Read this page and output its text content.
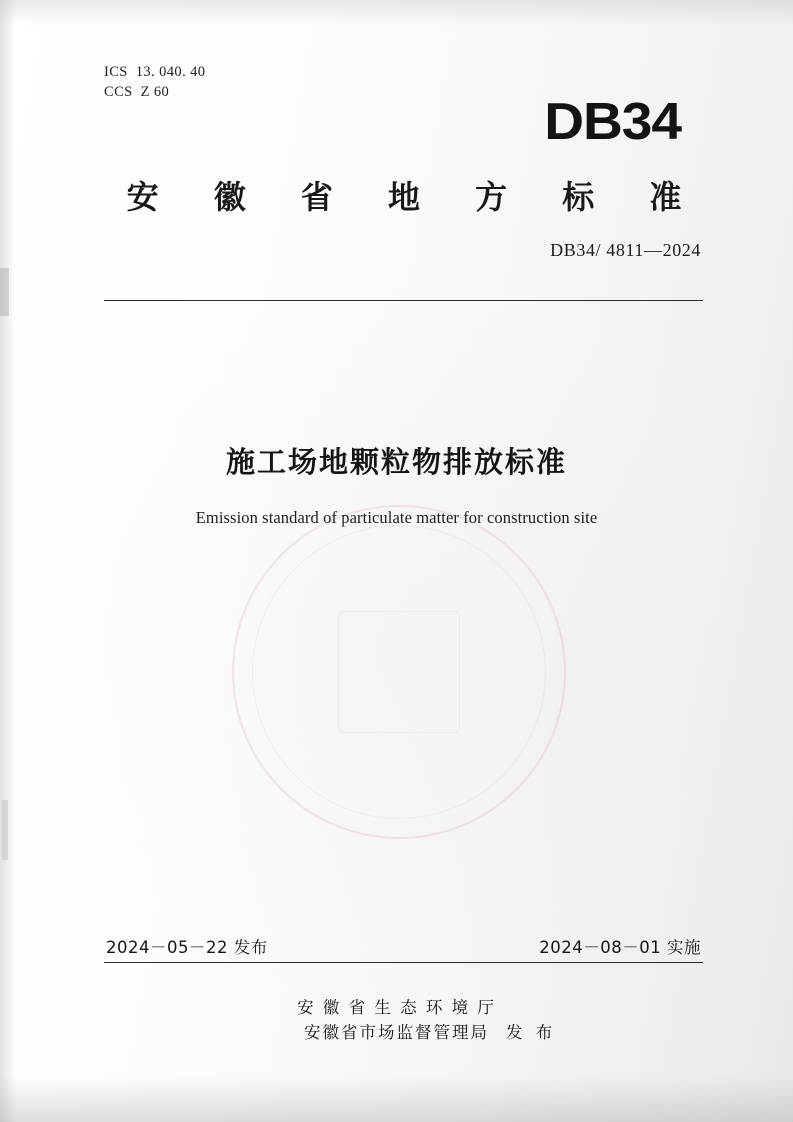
ICS 13. 040. 40
CCS Z 60
DB34
安 徽 省 地 方 标 准
DB34/ 4811—2024
施工场地颗粒物排放标准
Emission standard of particulate matter for construction site
2024－05－22 发布	2024－08－01 实施
安 徽 省 生 态 环 境 厅
安徽省市场监督管理局 发 布
